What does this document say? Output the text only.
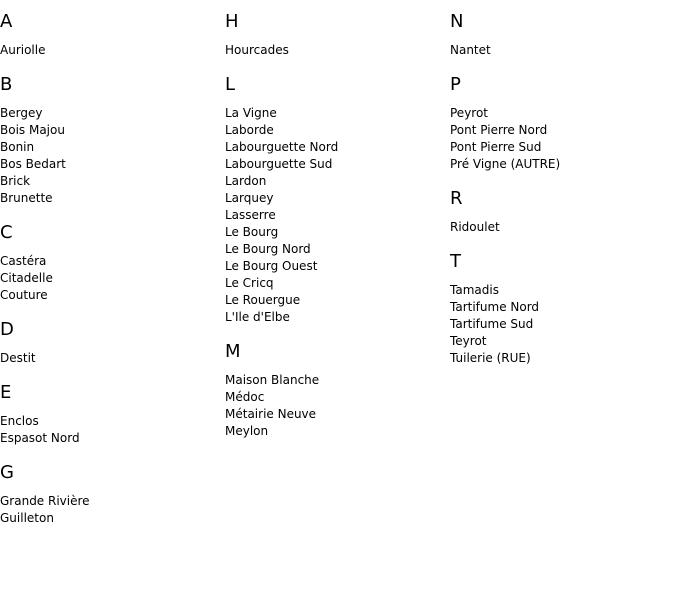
A
Auriolle
B
Bergey
Bois Majou
Bonin
Bos Bedart
Brick
Brunette
C
Castéra
Citadelle
Couture
D
Destit
E
Enclos
Espasot Nord
G
Grande Rivière
Guilleton
H
Hourcades
L
La Vigne
Laborde
Labourguette Nord
Labourguette Sud
Lardon
Larquey
Lasserre
Le Bourg
Le Bourg Nord
Le Bourg Ouest
Le Cricq
Le Rouergue
L'Ile d'Elbe
M
Maison Blanche
Médoc
Métairie Neuve
Meylon
N
Nantet
P
Peyrot
Pont Pierre Nord
Pont Pierre Sud
Pré Vigne (AUTRE)
R
Ridoulet
T
Tamadis
Tartifume Nord
Tartifume Sud
Teyrot
Tuilerie (RUE)
